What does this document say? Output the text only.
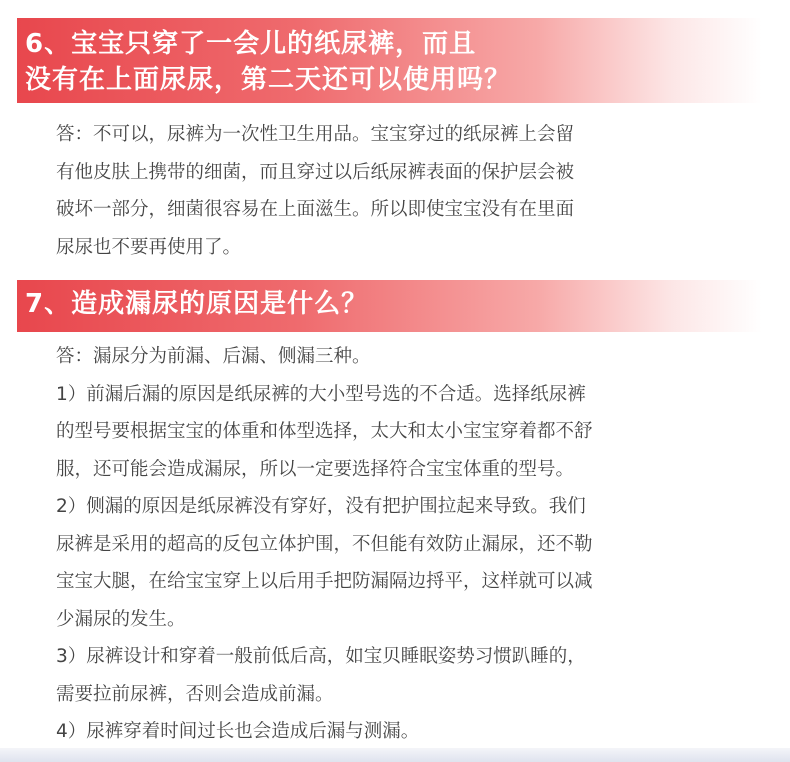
6、宝宝只穿了一会儿的纸尿裤，而且
没有在上面尿尿，第二天还可以使用吗？
答：不可以，尿裤为一次性卫生用品。宝宝穿过的纸尿裤上会留
有他皮肤上携带的细菌，而且穿过以后纸尿裤表面的保护层会被
破坏一部分，细菌很容易在上面滋生。所以即使宝宝没有在里面
尿尿也不要再使用了。
7、造成漏尿的原因是什么？
答：漏尿分为前漏、后漏、侧漏三种。
1）前漏后漏的原因是纸尿裤的大小型号选的不合适。选择纸尿裤
的型号要根据宝宝的体重和体型选择，太大和太小宝宝穿着都不舒
服，还可能会造成漏尿，所以一定要选择符合宝宝体重的型号。
2）侧漏的原因是纸尿裤没有穿好，没有把护围拉起来导致。我们
尿裤是采用的超高的反包立体护围，不但能有效防止漏尿，还不勒
宝宝大腿，在给宝宝穿上以后用手把防漏隔边捋平，这样就可以减
少漏尿的发生。
3）尿裤设计和穿着一般前低后高，如宝贝睡眠姿势习惯趴睡的，
需要拉前尿裤，否则会造成前漏。
4）尿裤穿着时间过长也会造成后漏与测漏。
